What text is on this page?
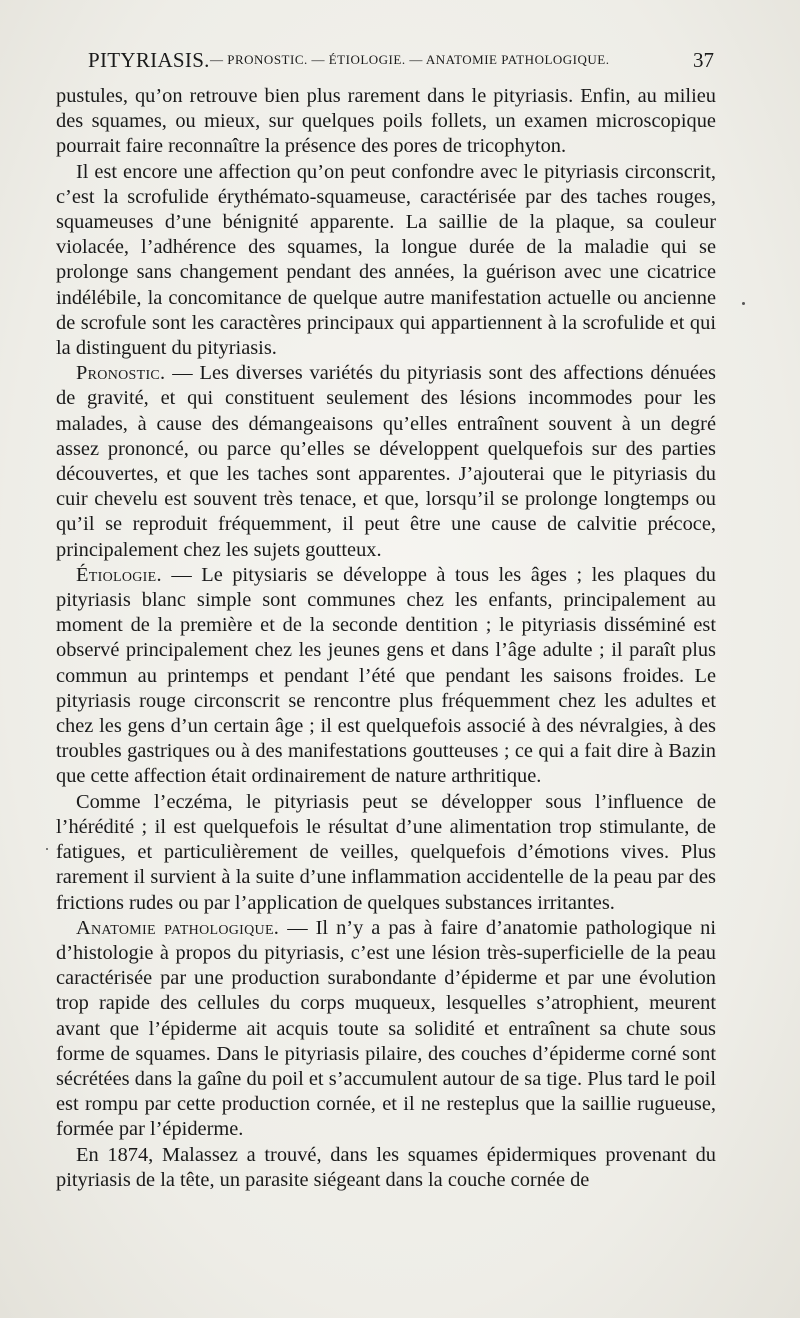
PITYRIASIS. — PRONOSTIC. — ÉTIOLOGIE. — ANATOMIE PATHOLOGIQUE.	37

pustules, qu’on retrouve bien plus rarement dans le pityriasis. Enfin, au milieu des squames, ou mieux, sur quelques poils follets, un examen microscopique pourrait faire reconnaître la présence des pores de tricophyton.

Il est encore une affection qu’on peut confondre avec le pityriasis circonscrit, c’est la scrofulide érythémato-squameuse, caractérisée par des taches rouges, squameuses d’une bénignité apparente. La saillie de la plaque, sa couleur violacée, l’adhérence des squames, la longue durée de la maladie qui se prolonge sans changement pendant des années, la guérison avec une cicatrice indélébile, la concomitance de quelque autre manifestation actuelle ou ancienne de scrofule sont les caractères principaux qui appartiennent à la scrofulide et qui la distinguent du pityriasis.

Pronostic. — Les diverses variétés du pityriasis sont des affections dénuées de gravité, et qui constituent seulement des lésions incommodes pour les malades, à cause des démangeaisons qu’elles entraînent souvent à un degré assez prononcé, ou parce qu’elles se développent quelquefois sur des parties découvertes, et que les taches sont apparentes. J’ajouterai que le pityriasis du cuir chevelu est souvent très tenace, et que, lorsqu’il se prolonge longtemps ou qu’il se reproduit fréquemment, il peut être une cause de calvitie précoce, principalement chez les sujets goutteux.

Étiologie. — Le pitysiaris se développe à tous les âges ; les plaques du pityriasis blanc simple sont communes chez les enfants, principalement au moment de la première et de la seconde dentition ; le pityriasis disséminé est observé principalement chez les jeunes gens et dans l’âge adulte ; il paraît plus commun au printemps et pendant l’été que pendant les saisons froides. Le pityriasis rouge circonscrit se rencontre plus fréquemment chez les adultes et chez les gens d’un certain âge ; il est quelquefois associé à des névralgies, à des troubles gastriques ou à des manifestations goutteuses ; ce qui a fait dire à Bazin que cette affection était ordinairement de nature arthritique.

Comme l’eczéma, le pityriasis peut se développer sous l’influence de l’hérédité ; il est quelquefois le résultat d’une alimentation trop stimulante, de fatigues, et particulièrement de veilles, quelquefois d’émotions vives. Plus rarement il survient à la suite d’une inflammation accidentelle de la peau par des frictions rudes ou par l’application de quelques substances irritantes.

Anatomie pathologique. — Il n’y a pas à faire d’anatomie pathologique ni d’histologie à propos du pityriasis, c’est une lésion très-superficielle de la peau caractérisée par une production surabondante d’épiderme et par une évolution trop rapide des cellules du corps muqueux, lesquelles s’atrophient, meurent avant que l’épiderme ait acquis toute sa solidité et entraînent sa chute sous forme de squames. Dans le pityriasis pilaire, des couches d’épiderme corné sont sécrétées dans la gaîne du poil et s’accumulent autour de sa tige. Plus tard le poil est rompu par cette production cornée, et il ne resteplus que la saillie rugueuse, formée par l’épiderme.

En 1874, Malassez a trouvé, dans les squames épidermiques provenant du pityriasis de la tête, un parasite siégeant dans la couche cornée de
